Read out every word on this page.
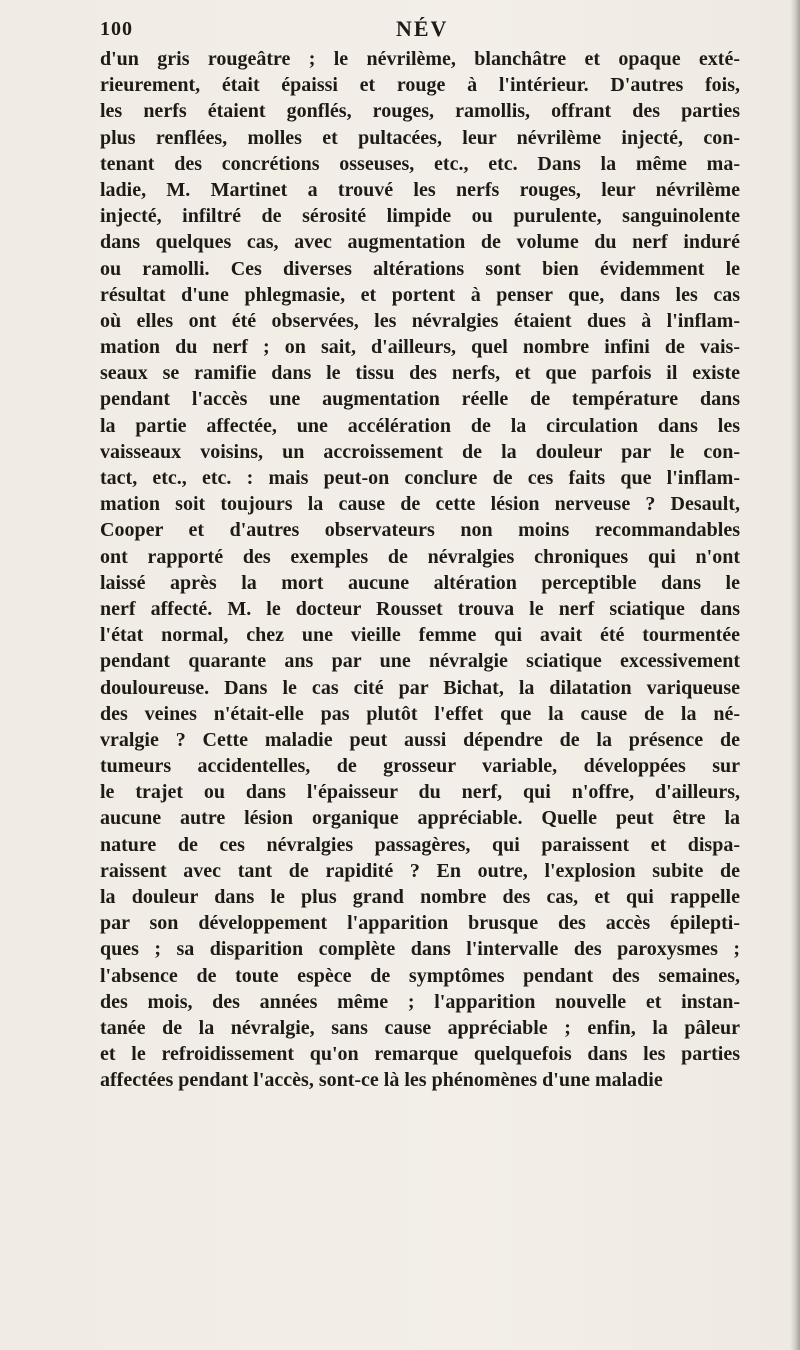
100	NÉV
d'un gris rougeâtre ; le névrilème, blanchâtre et opaque exté-
rieurement, était épaissi et rouge à l'intérieur. D'autres fois,
les nerfs étaient gonflés, rouges, ramollis, offrant des parties
plus renflées, molles et pultacées, leur névrilème injecté, con-
tenant des concrétions osseuses, etc., etc. Dans la même ma-
ladie, M. Martinet a trouvé les nerfs rouges, leur névrilème
injecté, infiltré de sérosité limpide ou purulente, sanguinolente
dans quelques cas, avec augmentation de volume du nerf induré
ou ramolli. Ces diverses altérations sont bien évidemment le
résultat d'une phlegmasie, et portent à penser que, dans les cas
où elles ont été observées, les névralgies étaient dues à l'inflam-
mation du nerf ; on sait, d'ailleurs, quel nombre infini de vais-
seaux se ramifie dans le tissu des nerfs, et que parfois il existe
pendant l'accès une augmentation réelle de température dans
la partie affectée, une accélération de la circulation dans les
vaisseaux voisins, un accroissement de la douleur par le con-
tact, etc., etc. : mais peut-on conclure de ces faits que l'inflam-
mation soit toujours la cause de cette lésion nerveuse ? Desault,
Cooper et d'autres observateurs non moins recommandables
ont rapporté des exemples de névralgies chroniques qui n'ont
laissé après la mort aucune altération perceptible dans le
nerf affecté. M. le docteur Rousset trouva le nerf sciatique dans
l'état normal, chez une vieille femme qui avait été tourmentée
pendant quarante ans par une névralgie sciatique excessivement
douloureuse. Dans le cas cité par Bichat, la dilatation variqueuse
des veines n'était-elle pas plutôt l'effet que la cause de la né-
vralgie ? Cette maladie peut aussi dépendre de la présence de
tumeurs accidentelles, de grosseur variable, développées sur
le trajet ou dans l'épaisseur du nerf, qui n'offre, d'ailleurs,
aucune autre lésion organique appréciable. Quelle peut être la
nature de ces névralgies passagères, qui paraissent et dispa-
raissent avec tant de rapidité ? En outre, l'explosion subite de
la douleur dans le plus grand nombre des cas, et qui rappelle
par son développement l'apparition brusque des accès épilepti-
ques ; sa disparition complète dans l'intervalle des paroxysmes ;
l'absence de toute espèce de symptômes pendant des semaines,
des mois, des années même ; l'apparition nouvelle et instan-
tanée de la névralgie, sans cause appréciable ; enfin, la pâleur
et le refroidissement qu'on remarque quelquefois dans les parties
affectées pendant l'accès, sont-ce là les phénomènes d'une maladie
